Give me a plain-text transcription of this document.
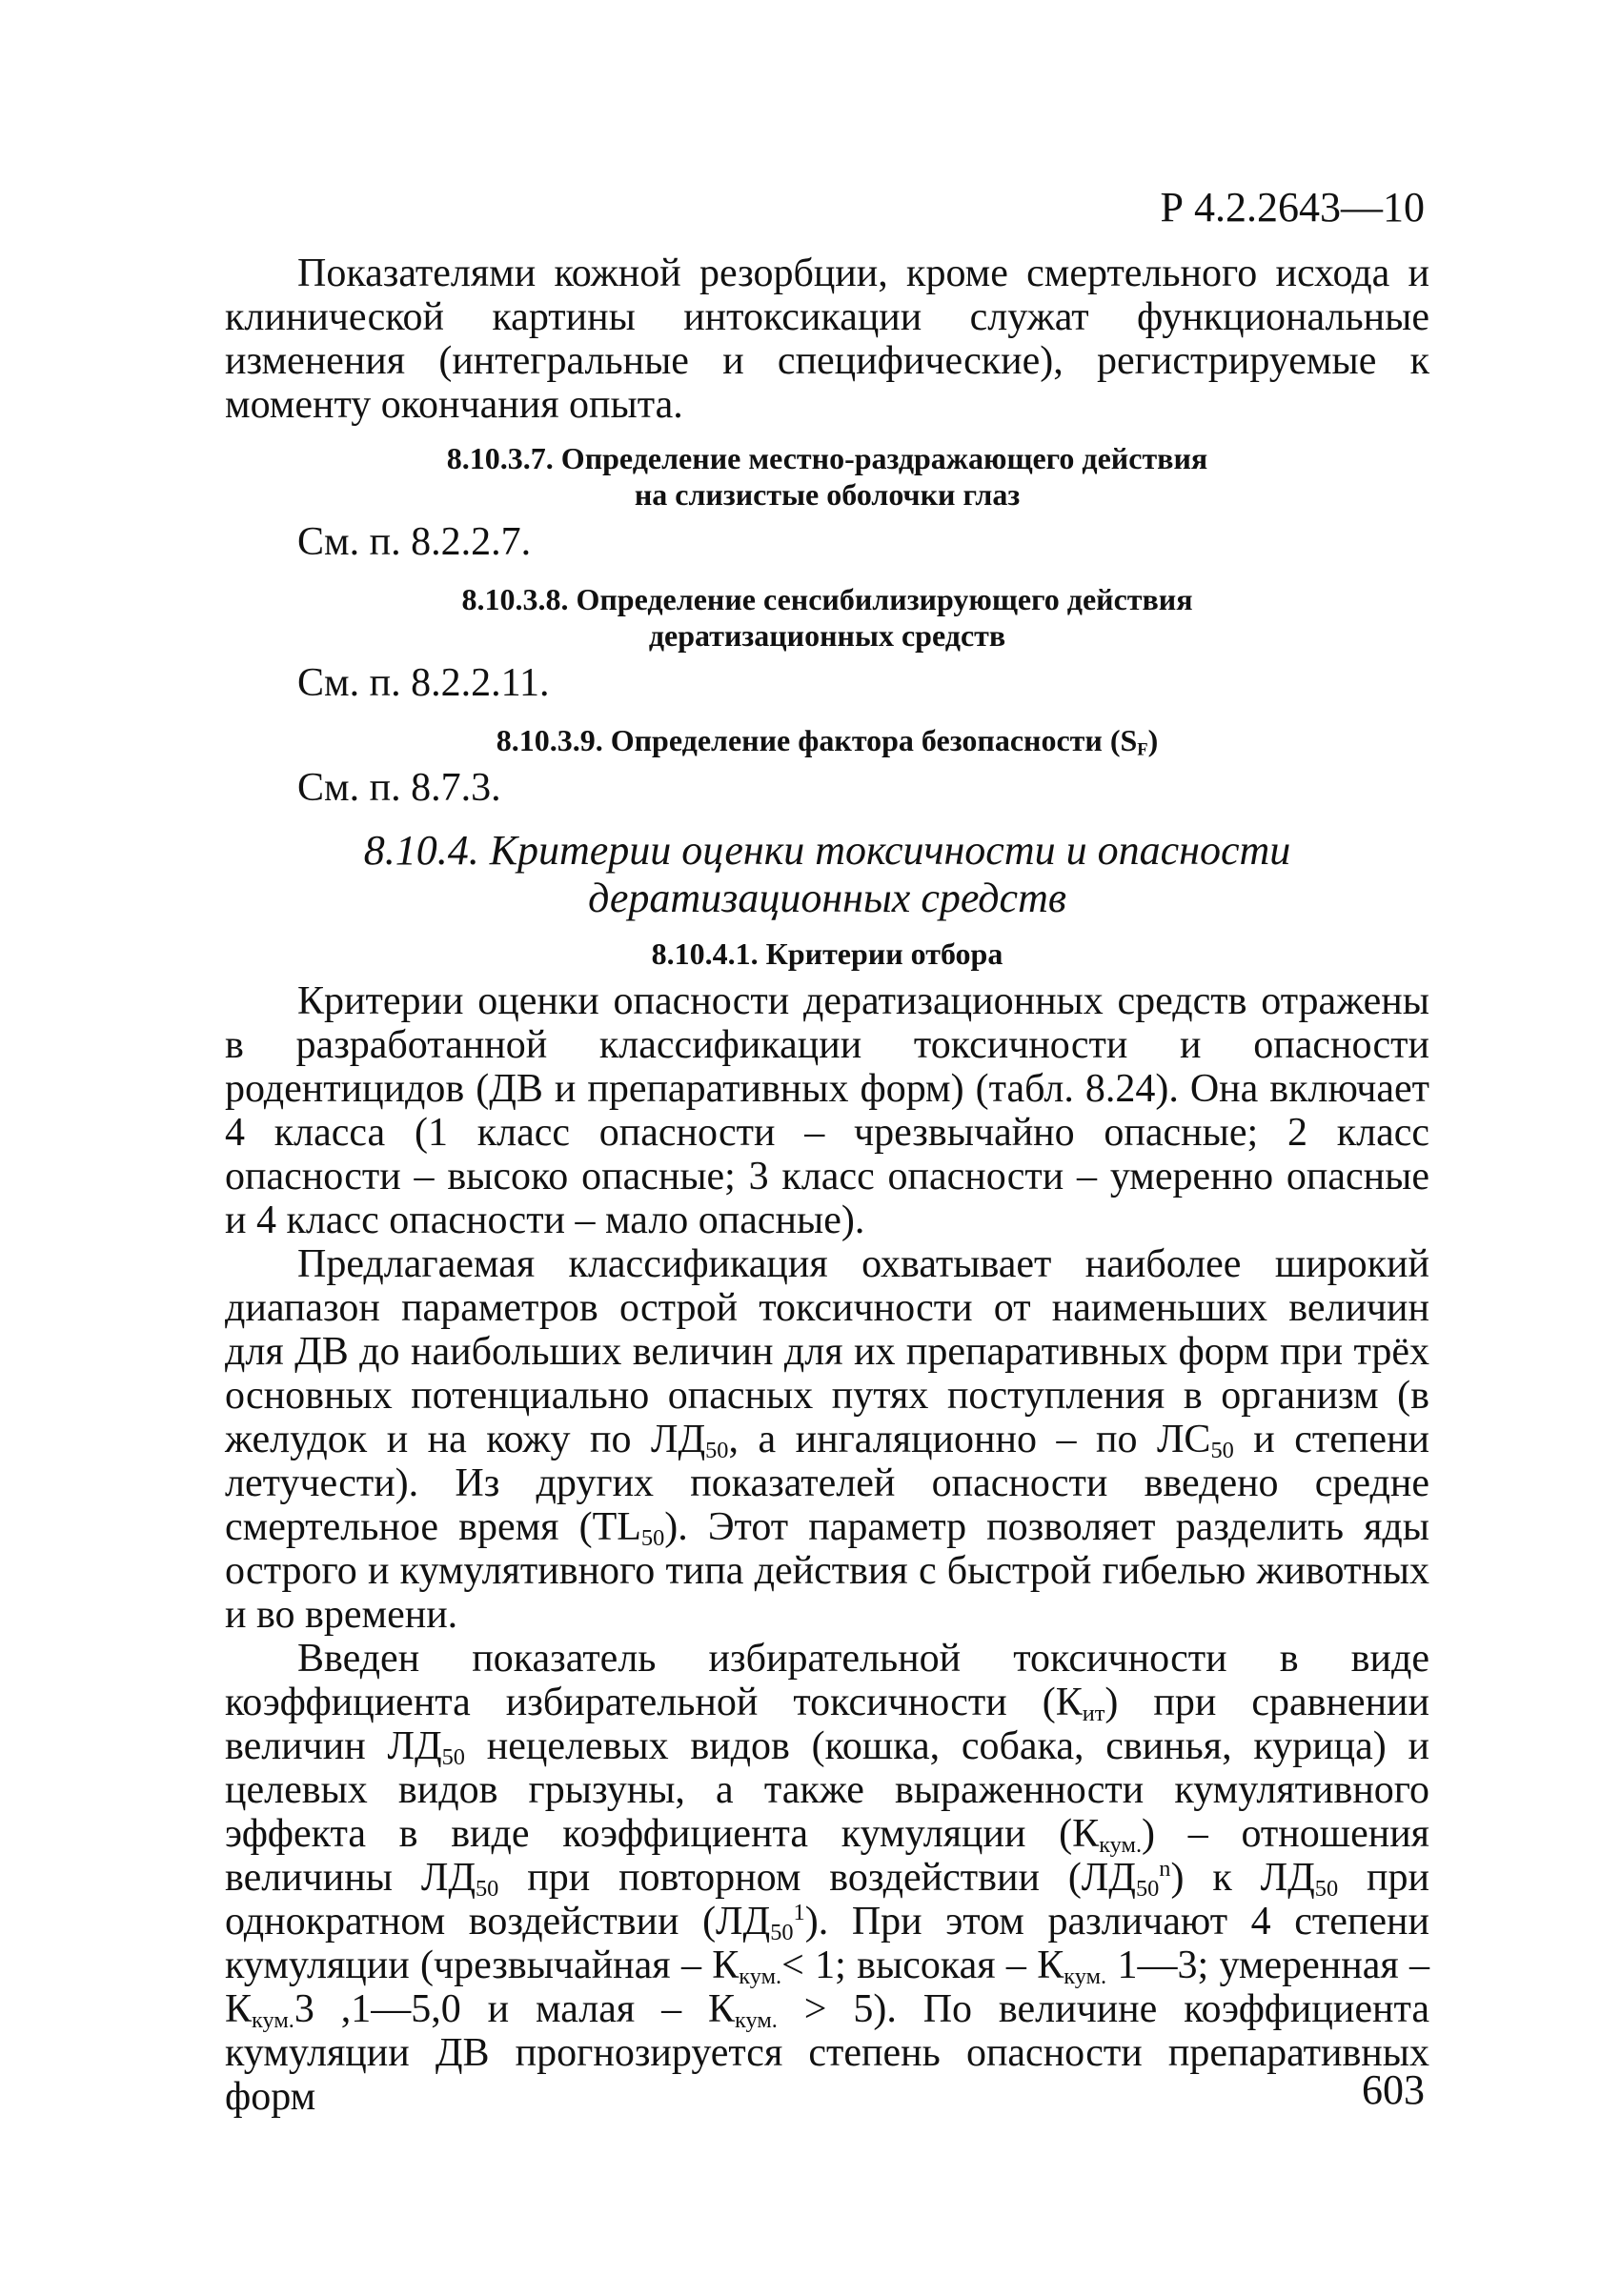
Р 4.2.2643—10

Показателями кожной резорбции, кроме смертельного исхода и клинической картины интоксикации служат функциональные изменения (интегральные и специфические), регистрируемые к моменту окончания опыта.

8.10.3.7. Определение местно-раздражающего действия
на слизистые оболочки глаз

См. п. 8.2.2.7.

8.10.3.8. Определение сенсибилизирующего действия
дератизационных средств

См. п. 8.2.2.11.

8.10.3.9. Определение фактора безопасности $(S_F)$

См. п. 8.7.3.

8.10.4. Критерии оценки токсичности и опасности
дератизационных средств
8.10.4.1. Критерии отбора

Критерии оценки опасности дератизационных средств отражены в разработанной классификации токсичности и опасности родентицидов (ДВ и препаративных форм) (табл. 8.24). Она включает 4 класса (1 класс опасности – чрезвычайно опасные; 2 класс опасности – высоко опасные; 3 класс опасности – умеренно опасные и 4 класс опасности – мало опасные).

Предлагаемая классификация охватывает наиболее широкий диапазон параметров острой токсичности от наименьших величин для ДВ до наибольших величин для их препаративных форм при трёх основных потенциально опасных путях поступления в организм (в желудок и на кожу по $ЛД_{50}$, а ингаляционно – по $ЛС_{50}$ и степени летучести). Из других показателей опасности введено средне смертельное время $(TL_{50})$. Этот параметр позволяет разделить яды острого и кумулятивного типа действия с быстрой гибелью животных и во времени.

Введен показатель избирательной токсичности в виде коэффициента избирательной токсичности $(К_{ит})$ при сравнении величин $ЛД_{50}$ нецелевых видов (кошка, собака, свинья, курица) и целевых видов грызуны, а также выраженности кумулятивного эффекта в виде коэффициента кумуляции $(К_{кум.})$ – отношения величины $ЛД_{50}$ при повторном воздействии $(ЛД_{50}^n)$ к $ЛД_{50}$ при однократном воздействии $(ЛД_{50}^1)$. При этом различают 4 степени кумуляции (чрезвычайная – $К_{кум.}< 1$; высокая – $К_{кум.}$ 1—3; умеренная – $К_{кум.}3$ ,1—5,0 и малая – $К_{кум.} > 5$). По величине коэффициента кумуляции ДВ прогнозируется степень опасности препаративных форм	603
